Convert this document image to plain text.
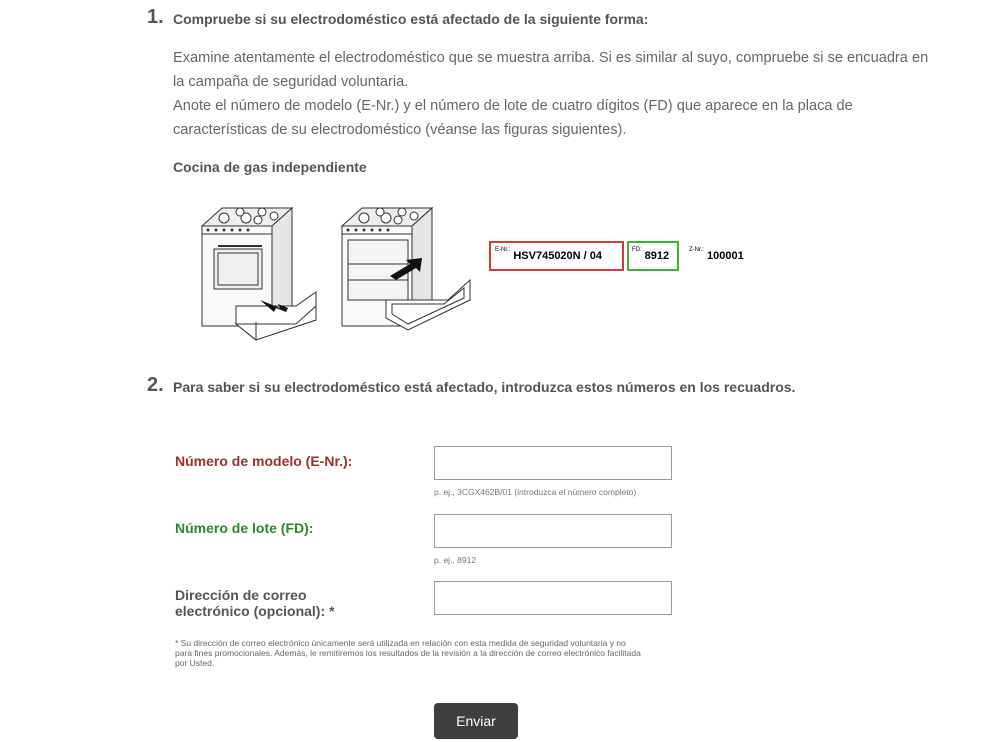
1. Compruebe si su electrodoméstico está afectado de la siguiente forma:
Examine atentamente el electrodoméstico que se muestra arriba. Si es similar al suyo, compruebe si se encuadra en la campaña de seguridad voluntaria.
Anote el número de modelo (E-Nr.) y el número de lote de cuatro dígitos (FD) que aparece en la placa de características de su electrodoméstico (véanse las figuras siguientes).
Cocina de gas independiente
E-Nr.: HSV745020N / 04	FD: 8912	Z-Nr.: 100001
2. Para saber si su electrodoméstico está afectado, introduzca estos números en los recuadros.
Número de modelo (E-Nr.):
p. ej., 3CGX462B/01 (introduzca el número completo)
Número de lote (FD):
p. ej., 8912
Dirección de correo
electrónico (opcional): *
* Su dirección de correo electrónico únicamente será utilizada en relación con esta medida de seguridad voluntaria y no para fines promocionales. Además, le remitiremos los resultados de la revisión a la dirección de correo electrónico facilitada por Usted.
Enviar
